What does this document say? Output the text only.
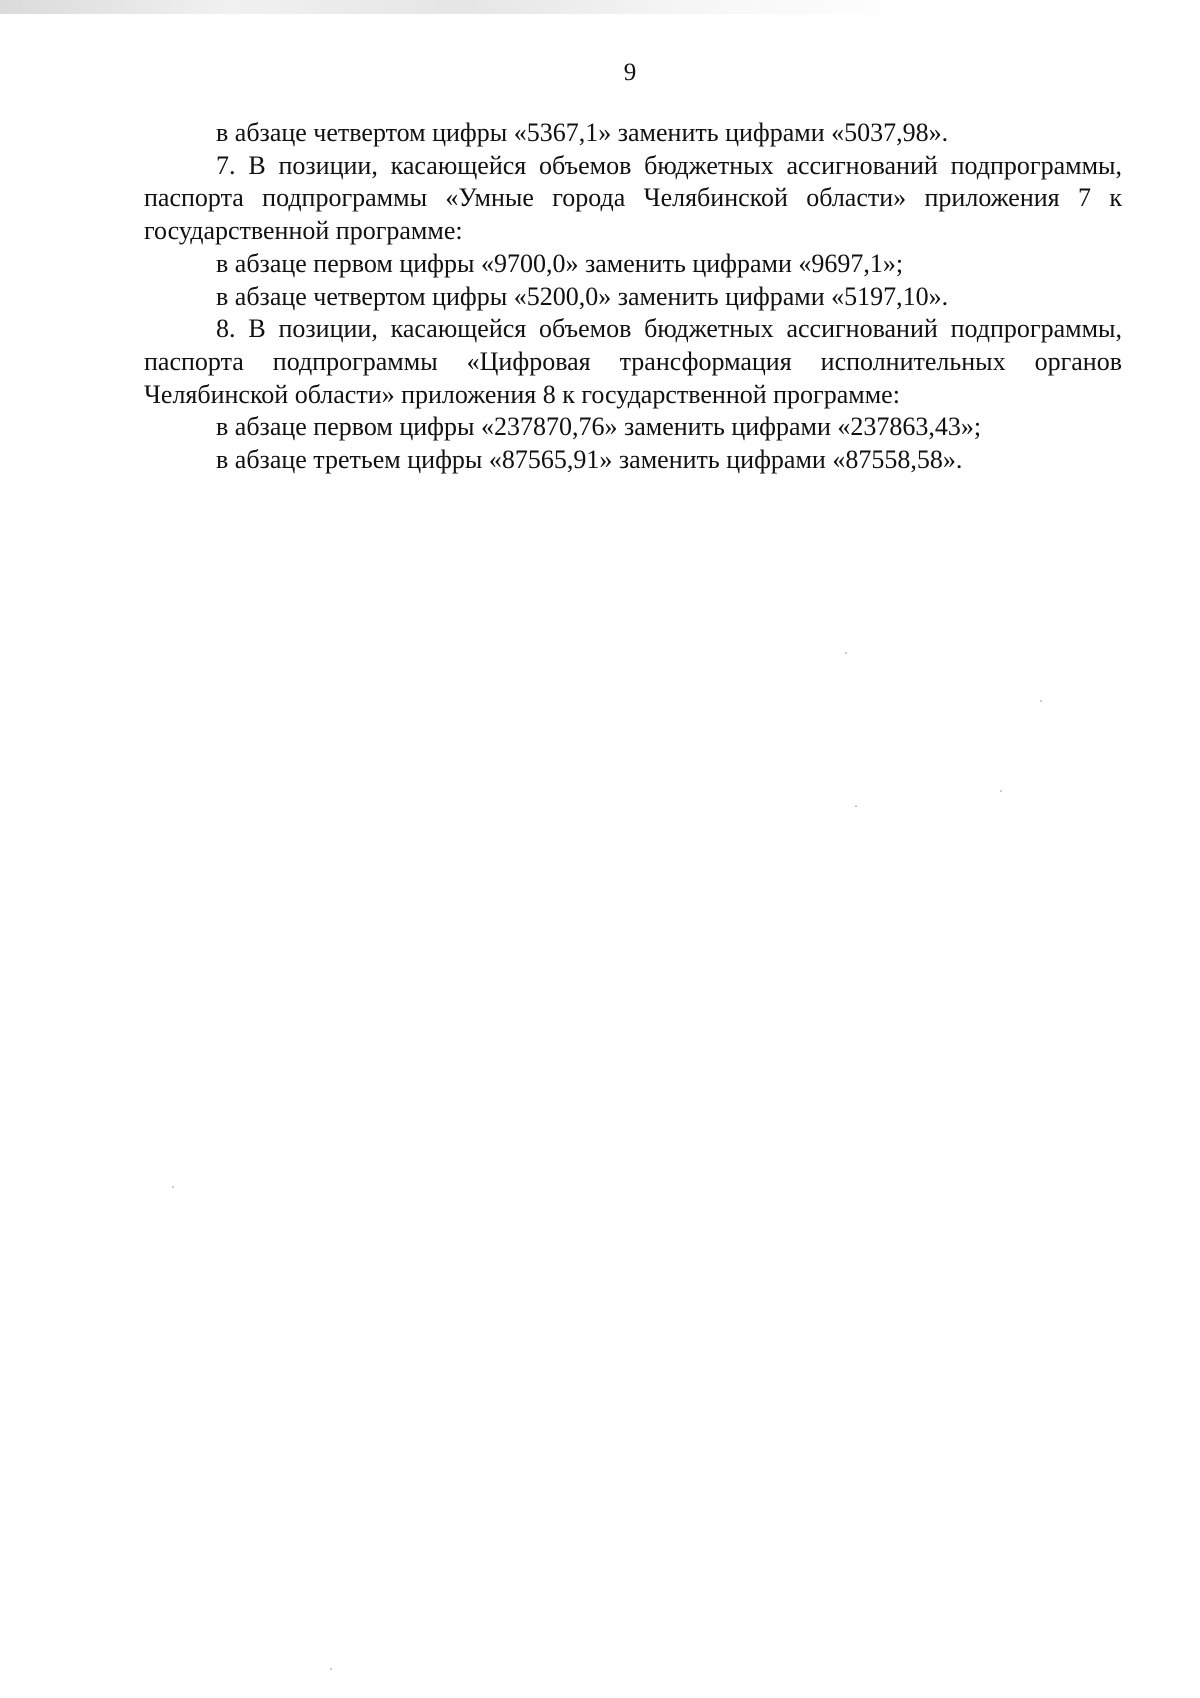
9

в абзаце четвертом цифры «5367,1» заменить цифрами «5037,98».

7. В позиции, касающейся объемов бюджетных ассигнований подпрограммы, паспорта подпрограммы «Умные города Челябинской области» приложения 7 к государственной программе:

в абзаце первом цифры «9700,0» заменить цифрами «9697,1»;

в абзаце четвертом цифры «5200,0» заменить цифрами «5197,10».

8. В позиции, касающейся объемов бюджетных ассигнований подпрограммы, паспорта подпрограммы «Цифровая трансформация исполнительных органов Челябинской области» приложения 8 к государственной программе:

в абзаце первом цифры «237870,76» заменить цифрами «237863,43»;

в абзаце третьем цифры «87565,91» заменить цифрами «87558,58».
